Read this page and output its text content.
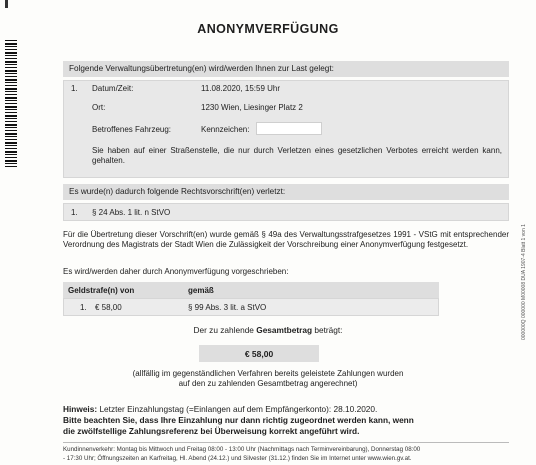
000000Q 000000 M00008 DUA 1907-4 Blatt 1 von 1
ANONYMVERFÜGUNG
Folgende Verwaltungsübertretung(en) wird/werden Ihnen zur Last gelegt:
1. Datum/Zeit:	11.08.2020, 15:59 Uhr
Ort:	1230 Wien, Liesinger Platz 2
Betroffenes Fahrzeug:	Kennzeichen:
Sie haben auf einer Straßenstelle, die nur durch Verletzen eines gesetzlichen Verbotes erreicht werden kann, gehalten.
Es wurde(n) dadurch folgende Rechtsvorschrift(en) verletzt:
1. § 24 Abs. 1 lit. n StVO
Für die Übertretung dieser Vorschrift(en) wurde gemäß § 49a des Verwaltungsstrafgesetzes 1991 - VStG mit entsprechender Verordnung des Magistrats der Stadt Wien die Zulässigkeit der Vorschreibung einer Anonymverfügung festgesetzt.
Es wird/werden daher durch Anonymverfügung vorgeschrieben:
Geldstrafe(n) von	gemäß
1. € 58,00	§ 99 Abs. 3 lit. a StVO
Der zu zahlende Gesamtbetrag beträgt:
€ 58,00
(allfällig im gegenständlichen Verfahren bereits geleistete Zahlungen wurden
auf den zu zahlenden Gesamtbetrag angerechnet)
Hinweis: Letzter Einzahlungstag (=Einlangen auf dem Empfängerkonto): 28.10.2020.
Bitte beachten Sie, dass Ihre Einzahlung nur dann richtig zugeordnet werden kann, wenn
die zwölfstellige Zahlungsreferenz bei Überweisung korrekt angeführt wird.
Kundinnenverkehr: Montag bis Mittwoch und Freitag 08:00 - 13:00 Uhr (Nachmittags nach Terminvereinbarung), Donnerstag 08:00
- 17:30 Uhr; Öffnungszeiten an Karfreitag, Hl. Abend (24.12.) und Silvester (31.12.) finden Sie im Internet unter www.wien.gv.at.
